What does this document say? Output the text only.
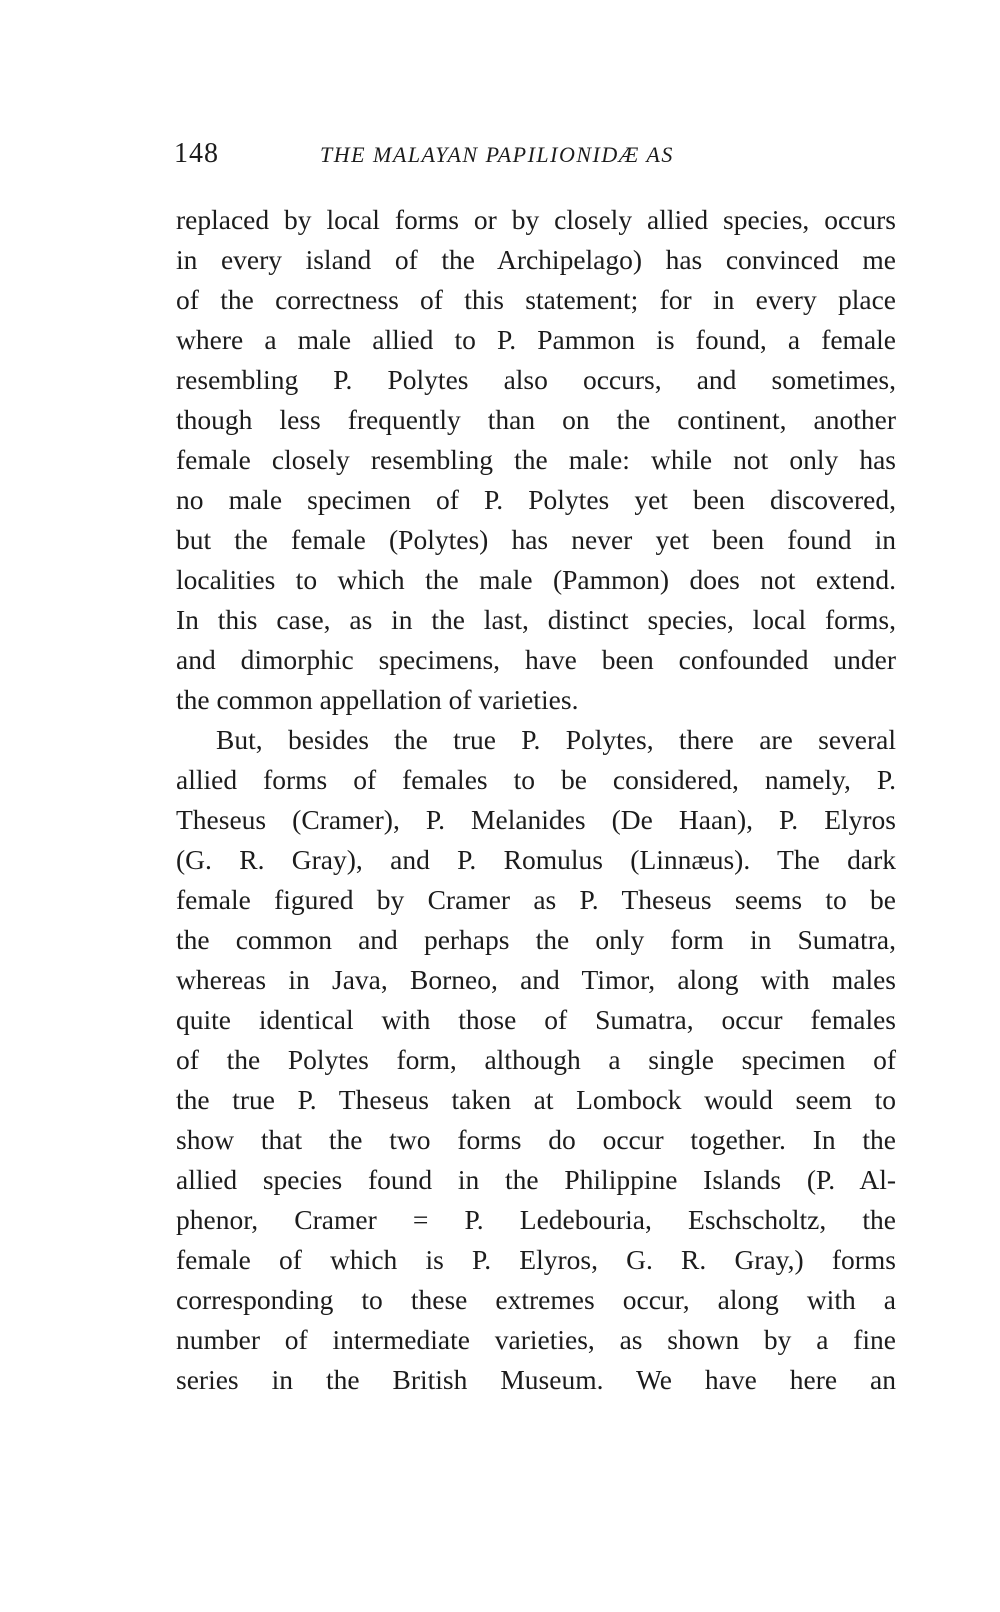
148	THE MALAYAN PAPILIONIDÆ AS
replaced by local forms or by closely allied species, occurs
in every island of the Archipelago) has convinced me
of the correctness of this statement; for in every place
where a male allied to P. Pammon is found, a female
resembling P. Polytes also occurs, and sometimes,
though less frequently than on the continent, another
female closely resembling the male: while not only has
no male specimen of P. Polytes yet been discovered,
but the female (Polytes) has never yet been found in
localities to which the male (Pammon) does not extend.
In this case, as in the last, distinct species, local forms,
and dimorphic specimens, have been confounded under
the common appellation of varieties.
But, besides the true P. Polytes, there are several
allied forms of females to be considered, namely, P.
Theseus (Cramer), P. Melanides (De Haan), P. Elyros
(G. R. Gray), and P. Romulus (Linnæus). The dark
female figured by Cramer as P. Theseus seems to be
the common and perhaps the only form in Sumatra,
whereas in Java, Borneo, and Timor, along with males
quite identical with those of Sumatra, occur females
of the Polytes form, although a single specimen of
the true P. Theseus taken at Lombock would seem to
show that the two forms do occur together. In the
allied species found in the Philippine Islands (P. Al-
phenor, Cramer = P. Ledebouria, Eschscholtz, the
female of which is P. Elyros, G. R. Gray,) forms
corresponding to these extremes occur, along with a
number of intermediate varieties, as shown by a fine
series in the British Museum. We have here an
